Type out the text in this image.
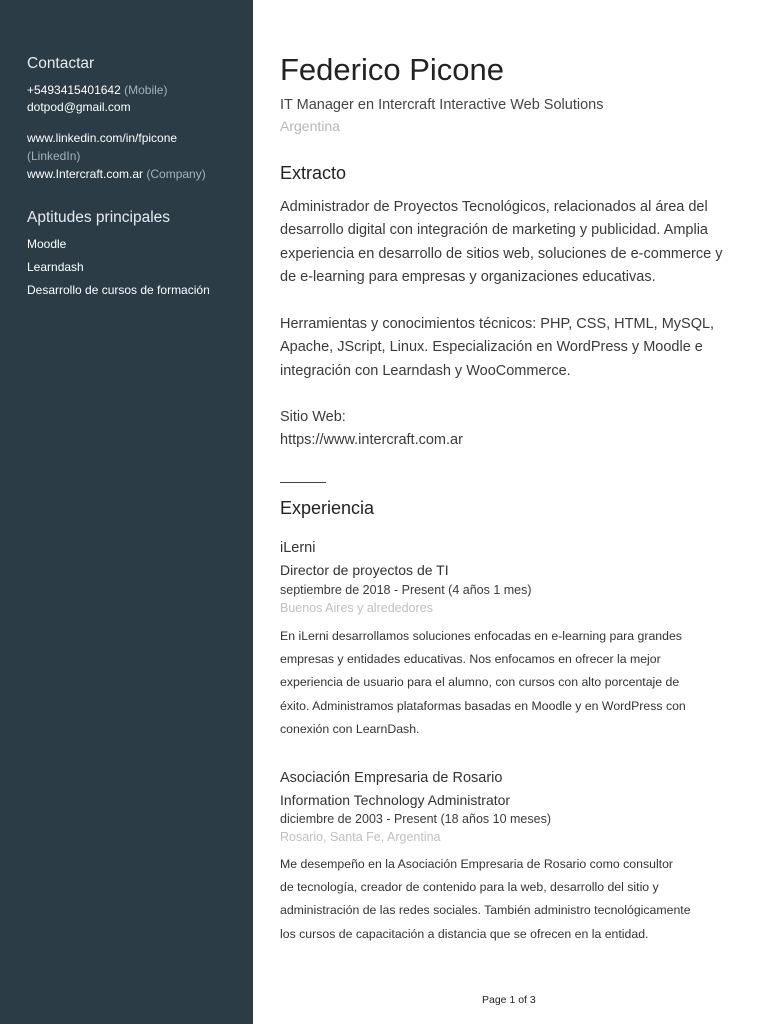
Contactar
+5493415401642 (Mobile)
dotpod@gmail.com
www.linkedin.com/in/fpicone
(LinkedIn)
www.Intercraft.com.ar (Company)
Aptitudes principales
Moodle
Learndash
Desarrollo de cursos de formación
Federico Picone
IT Manager en Intercraft Interactive Web Solutions
Argentina
Extracto
Administrador de Proyectos Tecnológicos, relacionados al área del
desarrollo digital con integración de marketing y publicidad. Amplia
experiencia en desarrollo de sitios web, soluciones de e-commerce y
de e-learning para empresas y organizaciones educativas.
Herramientas y conocimientos técnicos: PHP, CSS, HTML, MySQL,
Apache, JScript, Linux. Especialización en WordPress y Moodle e
integración con Learndash y WooCommerce.
Sitio Web:
https://www.intercraft.com.ar
Experiencia
iLerni
Director de proyectos de TI
septiembre de 2018 - Present (4 años 1 mes)
Buenos Aires y alrededores
En iLerni desarrollamos soluciones enfocadas en e-learning para grandes
empresas y entidades educativas. Nos enfocamos en ofrecer la mejor
experiencia de usuario para el alumno, con cursos con alto porcentaje de
éxito. Administramos plataformas basadas en Moodle y en WordPress con
conexión con LearnDash.
Asociación Empresaria de Rosario
Information Technology Administrator
diciembre de 2003 - Present (18 años 10 meses)
Rosario, Santa Fe, Argentina
Me desempeño en la Asociación Empresaria de Rosario como consultor
de tecnología, creador de contenido para la web, desarrollo del sitio y
administración de las redes sociales. También administro tecnológicamente
los cursos de capacitación a distancia que se ofrecen en la entidad.
Page 1 of 3
